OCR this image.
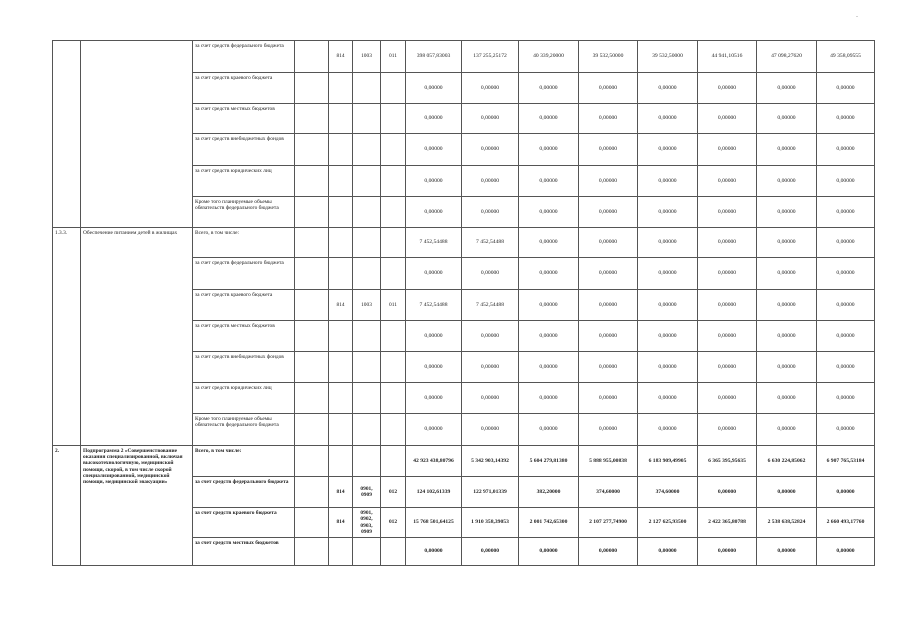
-
		за счет средств федерального бюджета		814	1003	011	398 057,83003	137 255,25172	40 339,20000	39 532,50000	39 532,50000	44 941,10516	47 098,27620	49 358,09555
		за счет средств краевого бюджета					0,00000	0,00000	0,00000	0,00000	0,00000	0,00000	0,00000	0,00000
		за счет средств местных бюджетов					0,00000	0,00000	0,00000	0,00000	0,00000	0,00000	0,00000	0,00000
		за счет средств внебюджетных фондов					0,00000	0,00000	0,00000	0,00000	0,00000	0,00000	0,00000	0,00000
		за счет средств юридических лиц					0,00000	0,00000	0,00000	0,00000	0,00000	0,00000	0,00000	0,00000
		Кроме того планируемые объемы обязательств федерального бюджета					0,00000	0,00000	0,00000	0,00000	0,00000	0,00000	0,00000	0,00000
1.3.3.	Обеспечение питанием детей в жилищах	Всего, в том числе:					7 452,54488	7 452,54488	0,00000	0,00000	0,00000	0,00000	0,00000	0,00000
		за счет средств федерального бюджета					0,00000	0,00000	0,00000	0,00000	0,00000	0,00000	0,00000	0,00000
		за счет средств краевого бюджета		814	1003	011	7 452,54488	7 452,54488	0,00000	0,00000	0,00000	0,00000	0,00000	0,00000
		за счет средств местных бюджетов					0,00000	0,00000	0,00000	0,00000	0,00000	0,00000	0,00000	0,00000
		за счет средств внебюджетных фондов					0,00000	0,00000	0,00000	0,00000	0,00000	0,00000	0,00000	0,00000
		за счет средств юридических лиц					0,00000	0,00000	0,00000	0,00000	0,00000	0,00000	0,00000	0,00000
		Кроме того планируемые объемы обязательств федерального бюджета					0,00000	0,00000	0,00000	0,00000	0,00000	0,00000	0,00000	0,00000
2.	Подпрограмма 2 «Совершенствование оказания специализированной, включая высокотехнологичную, медицинской помощи, скорой, в том числе скорой специализированной, медицинской помощи, медицинской эвакуации»	Всего, в том числе:					42 923 438,80796	5 342 903,14392	5 604 279,81380	5 888 955,00838	6 183 909,49905	6 365 395,95635	6 630 224,85062	6 907 765,53184
		за счет средств федерального бюджета		814	0901, 0909	012	124 102,61339	122 971,01339	382,20000	374,60000	374,60000	0,00000	0,00000	0,00000
		за счет средств краевого бюджета		814	0901, 0902, 0903, 0909	012	15 768 501,64125	1 910 358,39053	2 001 742,65300	2 107 277,74900	2 127 625,93500	2 422 365,80788	2 538 638,52824	2 660 493,17760
		за счет средств местных бюджетов					0,00000	0,00000	0,00000	0,00000	0,00000	0,00000	0,00000	0,00000
